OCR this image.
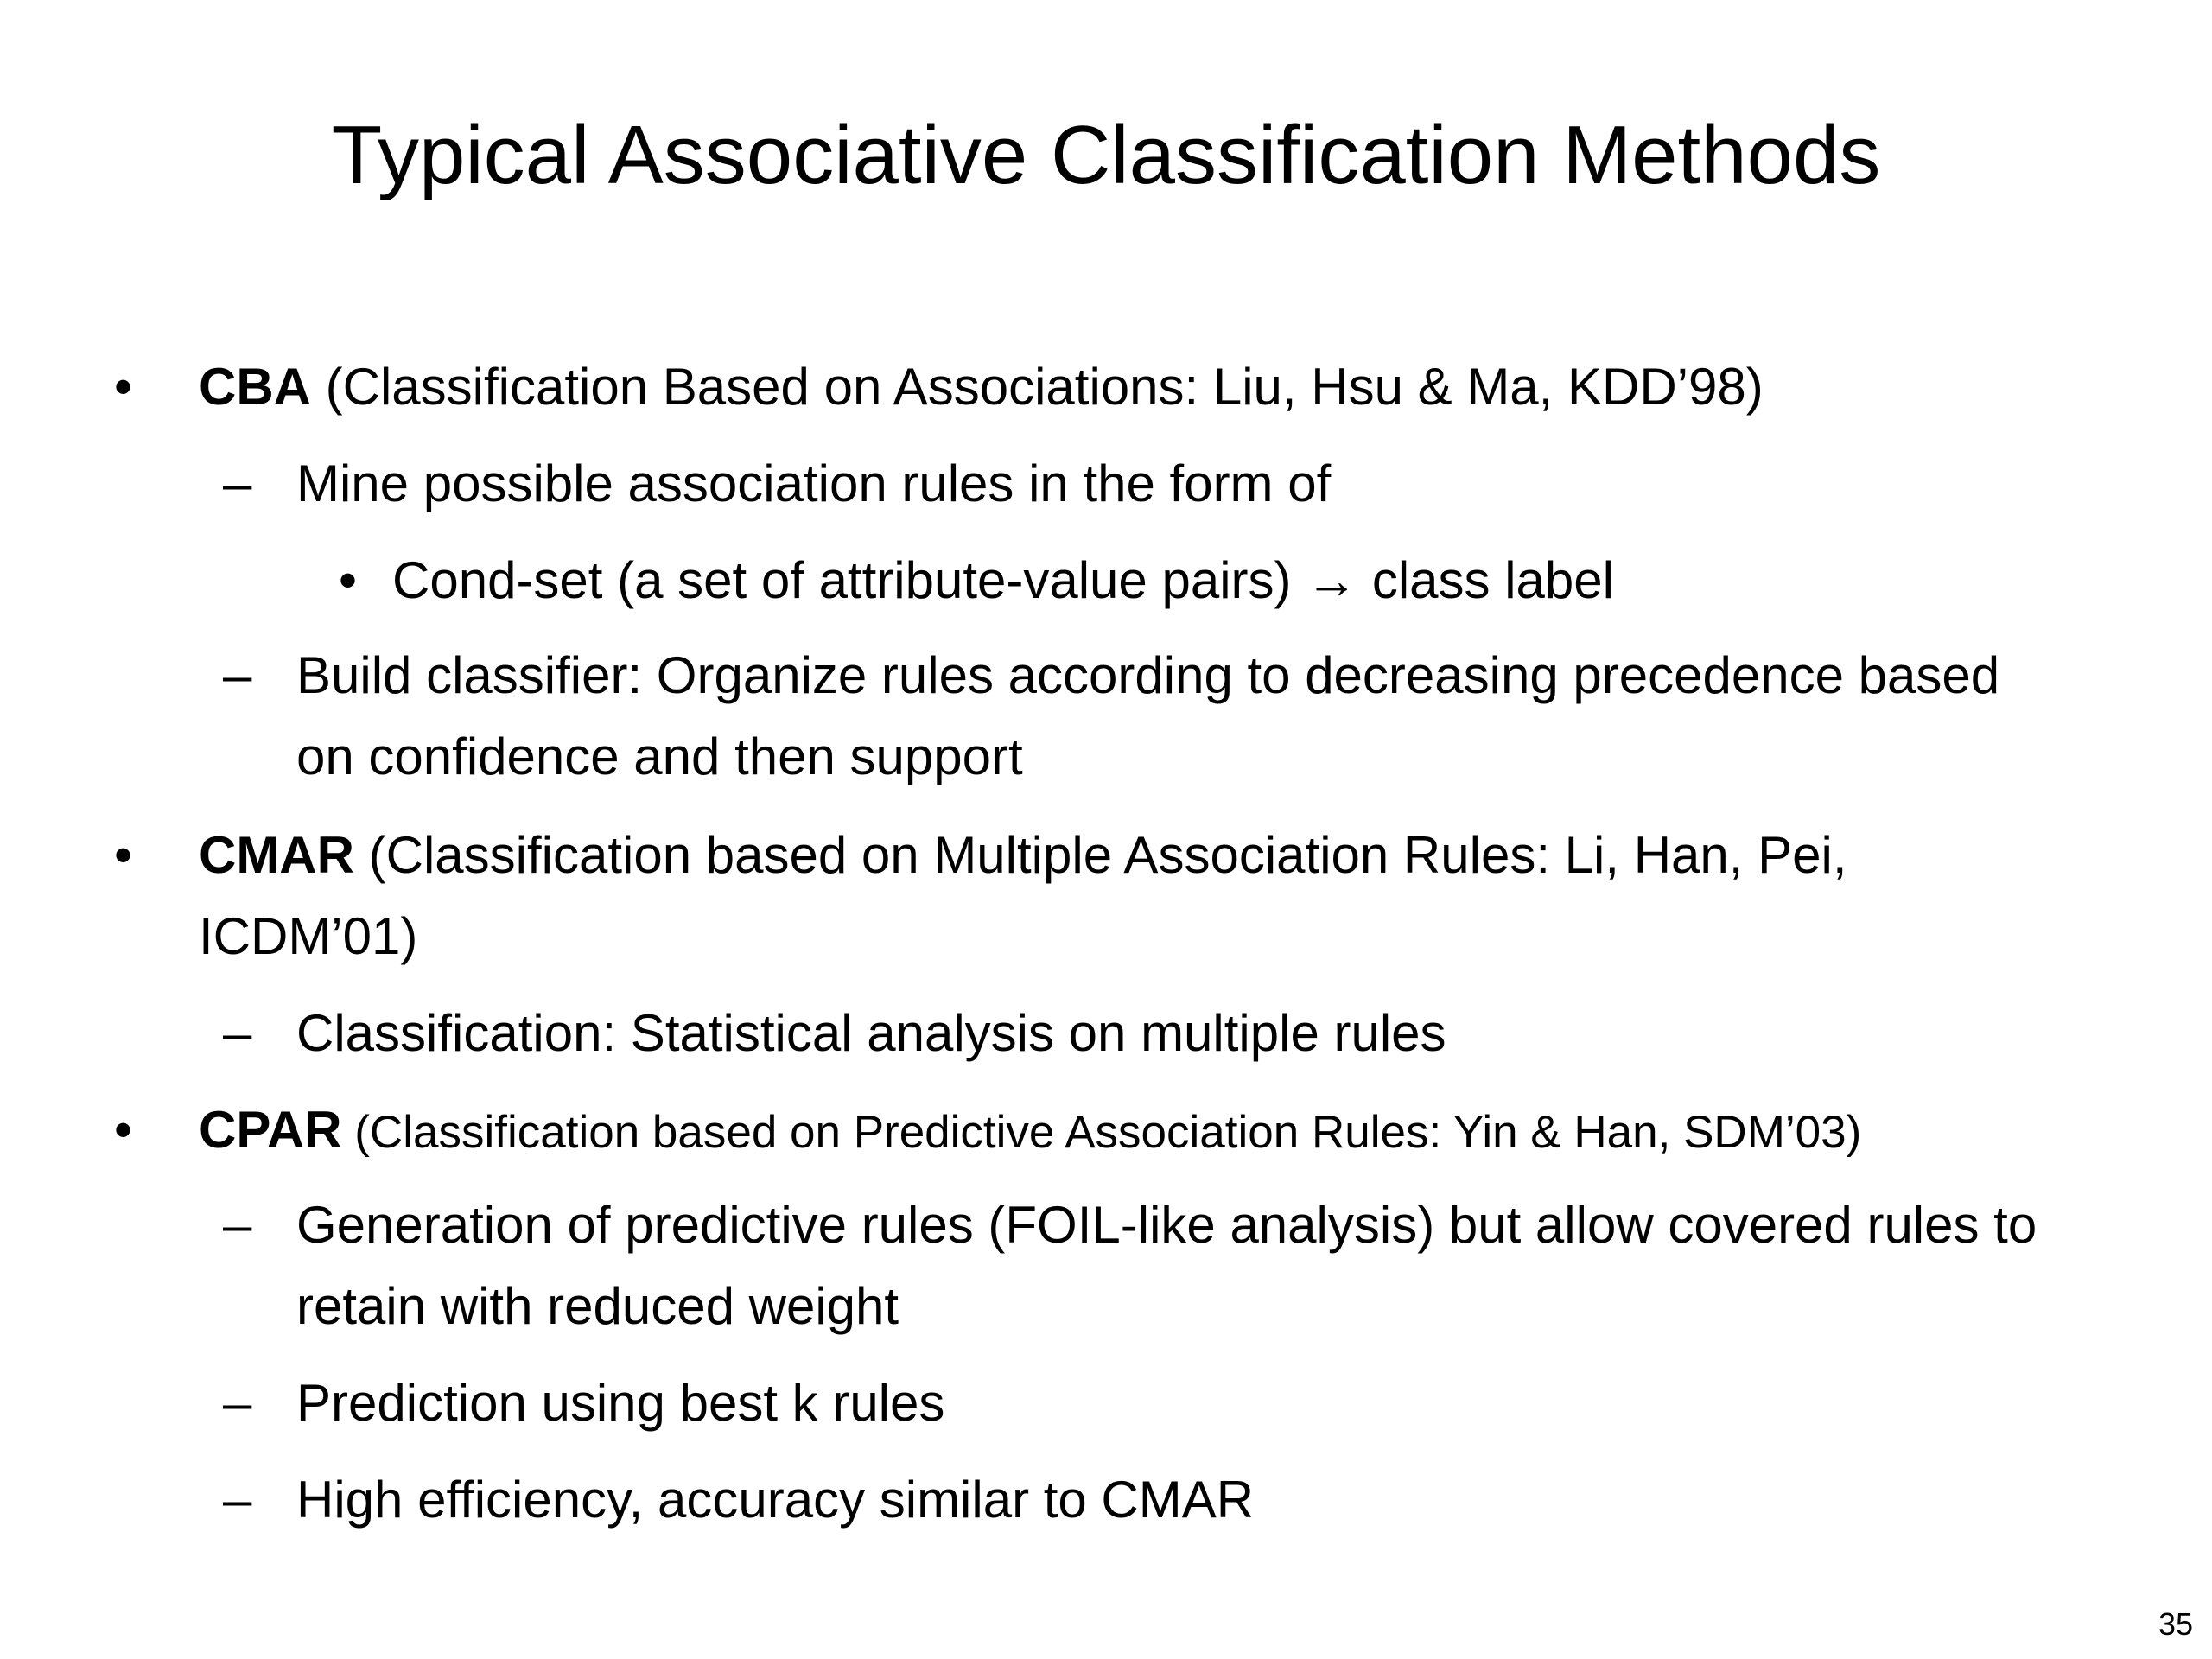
Typical Associative Classification Methods
• CBA (Classification Based on Associations: Liu, Hsu & Ma, KDD’98)
– Mine possible association rules in the form of
• Cond-set (a set of attribute-value pairs) → class label
– Build classifier: Organize rules according to decreasing precedence based
on confidence and then support
• CMAR (Classification based on Multiple Association Rules: Li, Han, Pei,
ICDM’01)
– Classification: Statistical analysis on multiple rules
• CPAR (Classification based on Predictive Association Rules: Yin & Han, SDM’03)
– Generation of predictive rules (FOIL-like analysis) but allow covered rules to
retain with reduced weight
– Prediction using best k rules
– High efficiency, accuracy similar to CMAR
35
